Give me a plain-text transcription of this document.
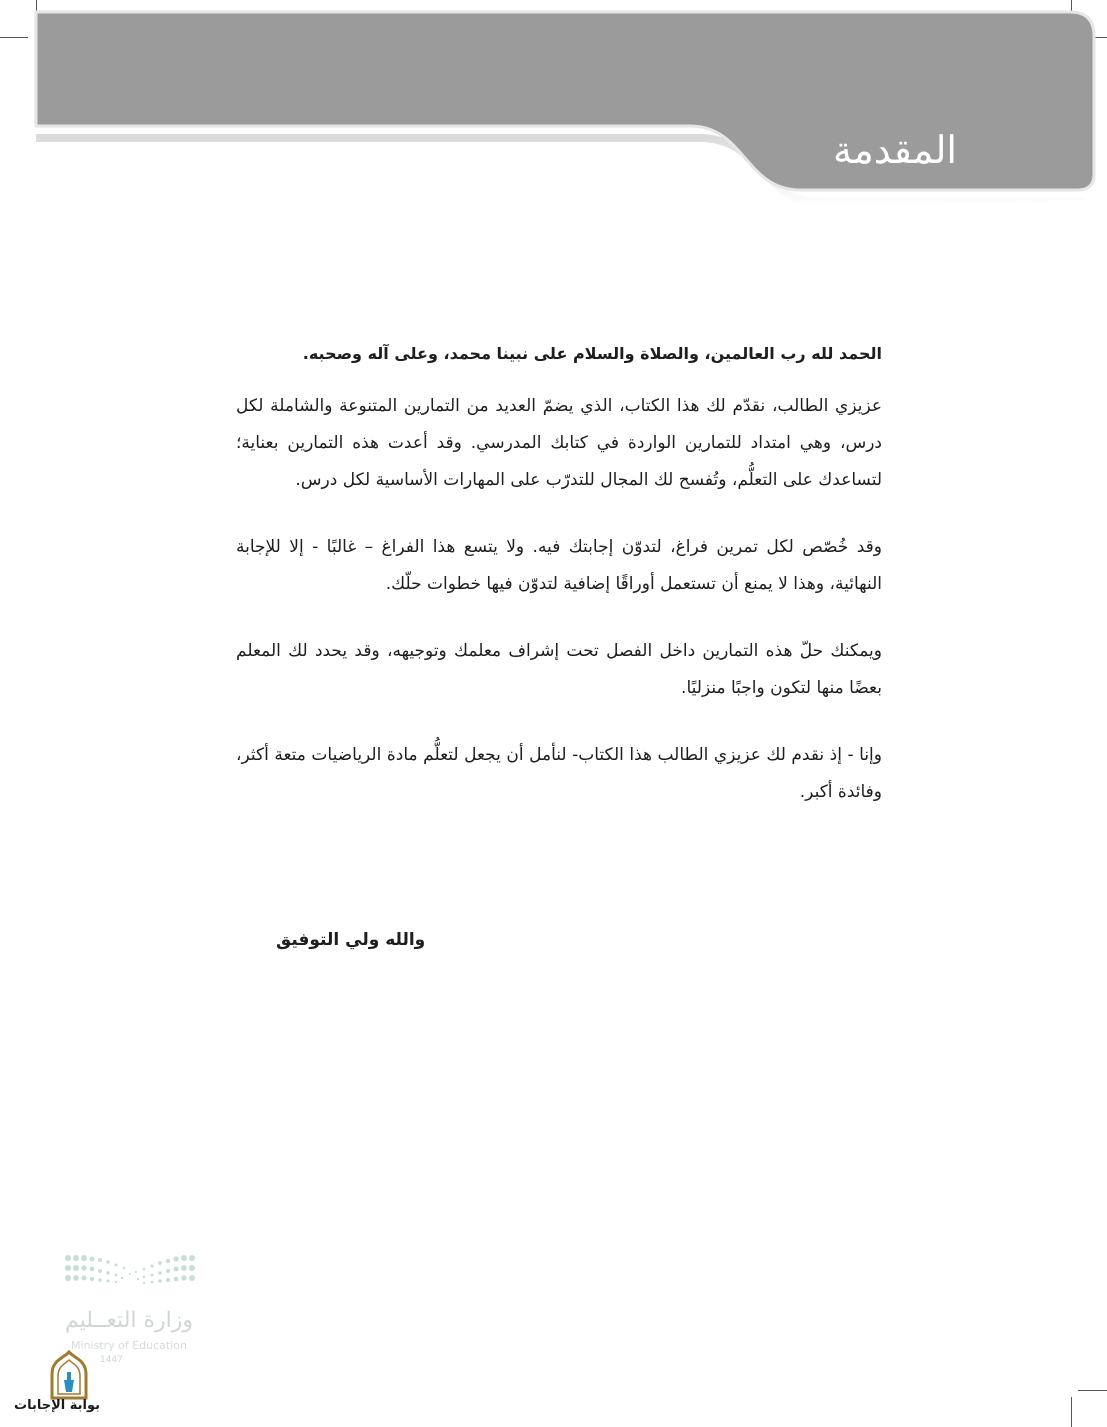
المقدمة

الحمد لله رب العالمين، والصلاة والسلام على نبينا محمد، وعلى آله وصحبه.

عزيزي الطالب، نقدّم لك هذا الكتاب، الذي يضمّ العديد من التمارين المتنوعة والشاملة لكل درس، وهي امتداد للتمارين الواردة في كتابك المدرسي. وقد أعدت هذه التمارين بعناية؛ لتساعدك على التعلُّم، وتُفسح لك المجال للتدرّب على المهارات الأساسية لكل درس.

وقد خُصّص لكل تمرين فراغ، لتدوّن إجابتك فيه. ولا يتسع هذا الفراغ – غالبًا - إلا للإجابة النهائية، وهذا لا يمنع أن تستعمل أوراقًا إضافية لتدوّن فيها خطوات حلّك.

ويمكنك حلّ هذه التمارين داخل الفصل تحت إشراف معلمك وتوجيهه، وقد يحدد لك المعلم بعضًا منها لتكون واجبًا منزليًا.

وإنا - إذ نقدم لك عزيزي الطالب هذا الكتاب- لنأمل أن يجعل لتعلُّم مادة الرياضيات متعة أكثر، وفائدة أكبر.

والله ولي التوفيق

وزارة التعــليم
Ministry of Education
1447
بوابة الإجابات
